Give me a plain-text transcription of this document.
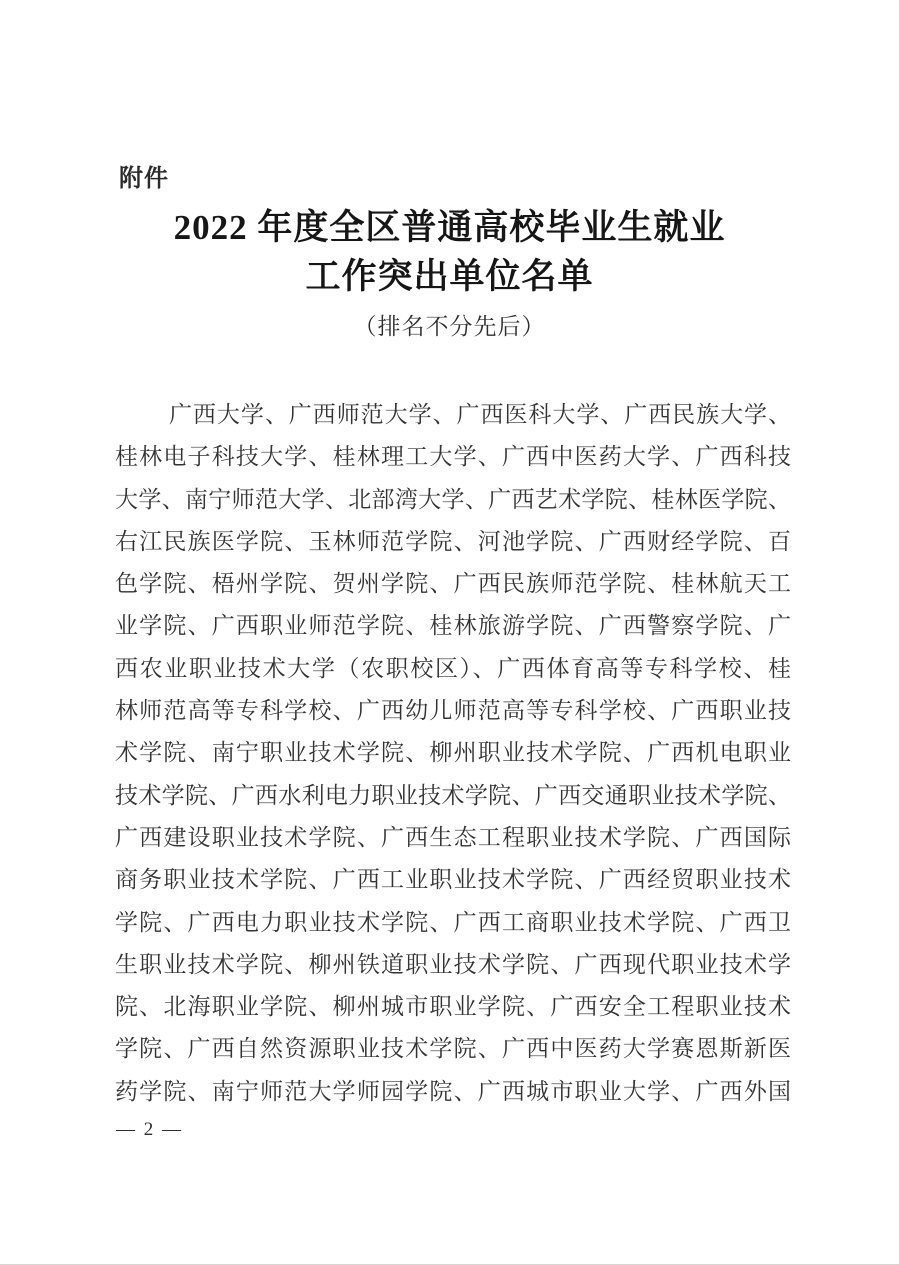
附件
2022 年度全区普通高校毕业生就业
工作突出单位名单
（排名不分先后）
广西大学、广西师范大学、广西医科大学、广西民族大学、
桂林电子科技大学、桂林理工大学、广西中医药大学、广西科技
大学、南宁师范大学、北部湾大学、广西艺术学院、桂林医学院、
右江民族医学院、玉林师范学院、河池学院、广西财经学院、百
色学院、梧州学院、贺州学院、广西民族师范学院、桂林航天工
业学院、广西职业师范学院、桂林旅游学院、广西警察学院、广
西农业职业技术大学（农职校区）、广西体育高等专科学校、桂
林师范高等专科学校、广西幼儿师范高等专科学校、广西职业技
术学院、南宁职业技术学院、柳州职业技术学院、广西机电职业
技术学院、广西水利电力职业技术学院、广西交通职业技术学院、
广西建设职业技术学院、广西生态工程职业技术学院、广西国际
商务职业技术学院、广西工业职业技术学院、广西经贸职业技术
学院、广西电力职业技术学院、广西工商职业技术学院、广西卫
生职业技术学院、柳州铁道职业技术学院、广西现代职业技术学
院、北海职业学院、柳州城市职业学院、广西安全工程职业技术
学院、广西自然资源职业技术学院、广西中医药大学赛恩斯新医
药学院、南宁师范大学师园学院、广西城市职业大学、广西外国
— 2 —
